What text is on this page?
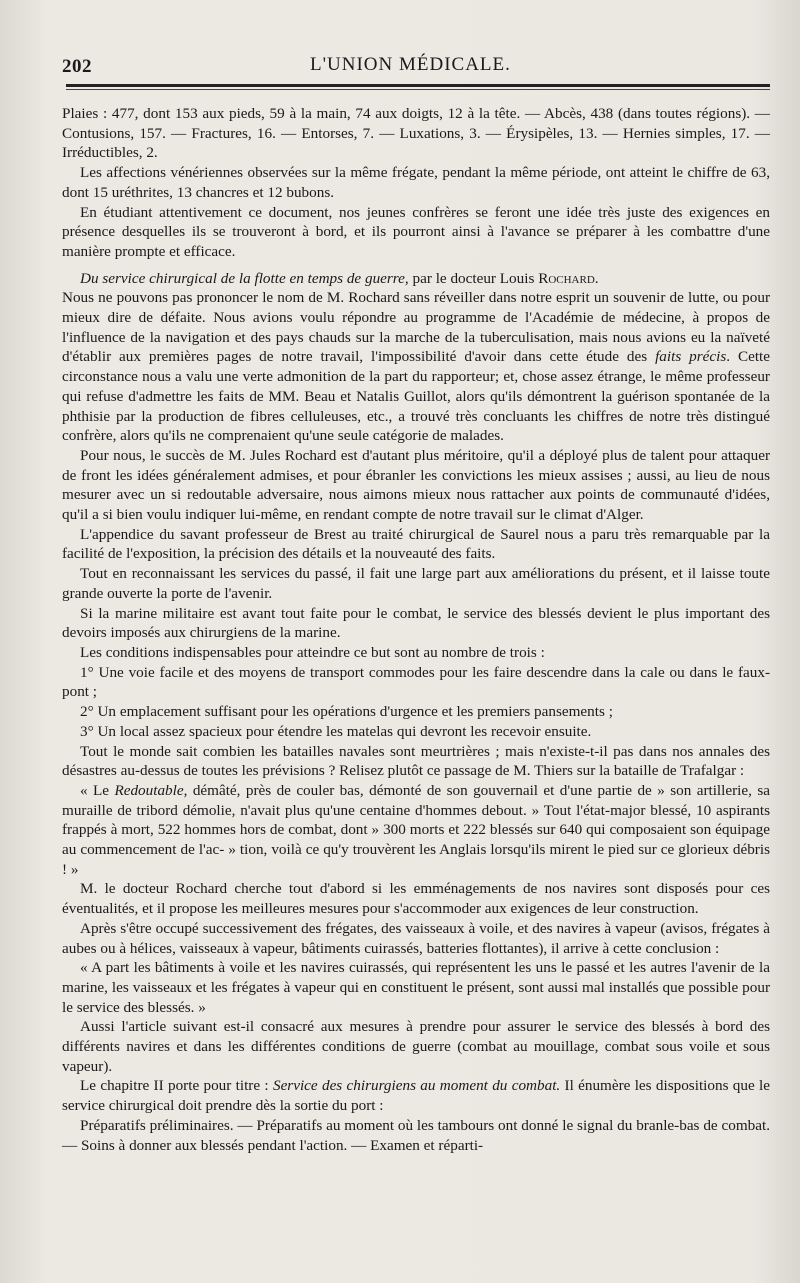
202	L'UNION MÉDICALE.

Plaies : 477, dont 153 aux pieds, 59 à la main, 74 aux doigts, 12 à la tête. — Abcès, 438 (dans toutes régions). — Contusions, 157. — Fractures, 16. — Entorses, 7. — Luxations, 3. — Érysipèles, 13. — Hernies simples, 17. — Irréductibles, 2.

Les affections vénériennes observées sur la même frégate, pendant la même période, ont atteint le chiffre de 63, dont 15 uréthrites, 13 chancres et 12 bubons.

En étudiant attentivement ce document, nos jeunes confrères se feront une idée très juste des exigences en présence desquelles ils se trouveront à bord, et ils pourront ainsi à l'avance se préparer à les combattre d'une manière prompte et efficace.

Du service chirurgical de la flotte en temps de guerre, par le docteur Louis Rochard.

Nous ne pouvons pas prononcer le nom de M. Rochard sans réveiller dans notre esprit un souvenir de lutte, ou pour mieux dire de défaite. Nous avions voulu répondre au programme de l'Académie de médecine, à propos de l'influence de la navigation et des pays chauds sur la marche de la tuberculisation, mais nous avions eu la naïveté d'établir aux premières pages de notre travail, l'impossibilité d'avoir dans cette étude des faits précis. Cette circonstance nous a valu une verte admonition de la part du rapporteur; et, chose assez étrange, le même professeur qui refuse d'admettre les faits de MM. Beau et Natalis Guillot, alors qu'ils démontrent la guérison spontanée de la phthisie par la production de fibres celluleuses, etc., a trouvé très concluants les chiffres de notre très distingué confrère, alors qu'ils ne comprenaient qu'une seule catégorie de malades.

Pour nous, le succès de M. Jules Rochard est d'autant plus méritoire, qu'il a déployé plus de talent pour attaquer de front les idées généralement admises, et pour ébranler les convictions les mieux assises ; aussi, au lieu de nous mesurer avec un si redoutable adversaire, nous aimons mieux nous rattacher aux points de communauté d'idées, qu'il a si bien voulu indiquer lui-même, en rendant compte de notre travail sur le climat d'Alger.

L'appendice du savant professeur de Brest au traité chirurgical de Saurel nous a paru très remarquable par la facilité de l'exposition, la précision des détails et la nouveauté des faits.

Tout en reconnaissant les services du passé, il fait une large part aux améliorations du présent, et il laisse toute grande ouverte la porte de l'avenir.

Si la marine militaire est avant tout faite pour le combat, le service des blessés devient le plus important des devoirs imposés aux chirurgiens de la marine.

Les conditions indispensables pour atteindre ce but sont au nombre de trois :

1° Une voie facile et des moyens de transport commodes pour les faire descendre dans la cale ou dans le faux-pont ;

2° Un emplacement suffisant pour les opérations d'urgence et les premiers pansements ;

3° Un local assez spacieux pour étendre les matelas qui devront les recevoir ensuite.

Tout le monde sait combien les batailles navales sont meurtrières ; mais n'existe-t-il pas dans nos annales des désastres au-dessus de toutes les prévisions ? Relisez plutôt ce passage de M. Thiers sur la bataille de Trafalgar :

« Le Redoutable, démâté, près de couler bas, démonté de son gouvernail et d'une partie de » son artillerie, sa muraille de tribord démolie, n'avait plus qu'une centaine d'hommes debout. » Tout l'état-major blessé, 10 aspirants frappés à mort, 522 hommes hors de combat, dont » 300 morts et 222 blessés sur 640 qui composaient son équipage au commencement de l'ac- » tion, voilà ce qu'y trouvèrent les Anglais lorsqu'ils mirent le pied sur ce glorieux débris ! »

M. le docteur Rochard cherche tout d'abord si les emménagements de nos navires sont disposés pour ces éventualités, et il propose les meilleures mesures pour s'accommoder aux exigences de leur construction.

Après s'être occupé successivement des frégates, des vaisseaux à voile, et des navires à vapeur (avisos, frégates à aubes ou à hélices, vaisseaux à vapeur, bâtiments cuirassés, batteries flottantes), il arrive à cette conclusion :

« A part les bâtiments à voile et les navires cuirassés, qui représentent les uns le passé et les autres l'avenir de la marine, les vaisseaux et les frégates à vapeur qui en constituent le présent, sont aussi mal installés que possible pour le service des blessés. »

Aussi l'article suivant est-il consacré aux mesures à prendre pour assurer le service des blessés à bord des différents navires et dans les différentes conditions de guerre (combat au mouillage, combat sous voile et sous vapeur).

Le chapitre II porte pour titre : Service des chirurgiens au moment du combat. Il énumère les dispositions que le service chirurgical doit prendre dès la sortie du port :

Préparatifs préliminaires. — Préparatifs au moment où les tambours ont donné le signal du branle-bas de combat. — Soins à donner aux blessés pendant l'action. — Examen et réparti-
